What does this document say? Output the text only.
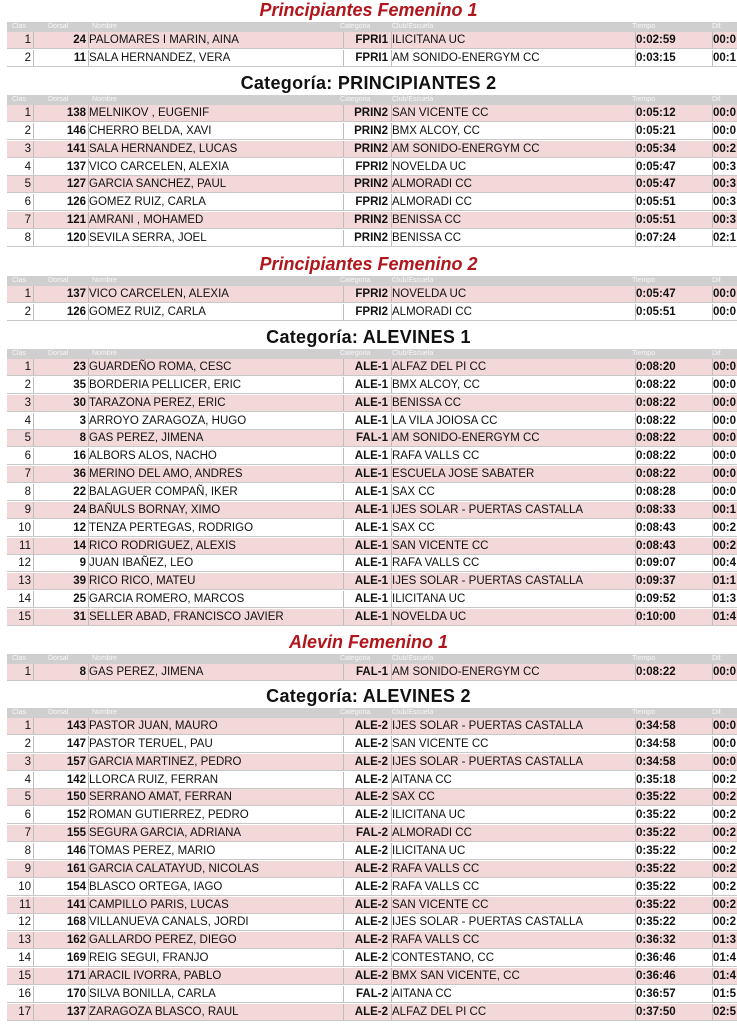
Principiantes Femenino 1
Clas	Dorsal	Nombre	Categoria	Club/Escuela	Tiempo	Dif.
1	24 PALOMARES I MARIN, AINA	FPRI1 ILICITANA UC	0:02:59	00:0
2	11 SALA HERNANDEZ, VERA	FPRI1 AM SONIDO-ENERGYM CC	0:03:15	00:1
Categoría: PRINCIPIANTES 2
Clas	Dorsal	Nombre	Categoria	Club/Escuela	Tiempo	Dif.
1	138 MELNIKOV , EUGENIF	PRIN2 SAN VICENTE CC	0:05:12	00:0
2	146 CHERRO BELDA, XAVI	PRIN2 BMX ALCOY, CC	0:05:21	00:0
3	141 SALA HERNANDEZ, LUCAS	PRIN2 AM SONIDO-ENERGYM CC	0:05:34	00:2
4	137 VICO CARCELEN, ALEXIA	FPRI2 NOVELDA UC	0:05:47	00:3
5	127 GARCIA SANCHEZ, PAUL	PRIN2 ALMORADI CC	0:05:47	00:3
6	126 GOMEZ RUIZ, CARLA	FPRI2 ALMORADI CC	0:05:51	00:3
7	121 AMRANI , MOHAMED	PRIN2 BENISSA CC	0:05:51	00:3
8	120 SEVILA SERRA, JOEL	PRIN2 BENISSA CC	0:07:24	02:1
Principiantes Femenino 2
Clas	Dorsal	Nombre	Categoria	Club/Escuela	Tiempo	Dif.
1	137 VICO CARCELEN, ALEXIA	FPRI2 NOVELDA UC	0:05:47	00:0
2	126 GOMEZ RUIZ, CARLA	FPRI2 ALMORADI CC	0:05:51	00:0
Categoría: ALEVINES 1
Clas	Dorsal	Nombre	Categoria	Club/Escuela	Tiempo	Dif.
1	23 GUARDEÑO ROMA, CESC	ALE-1 ALFAZ DEL PI CC	0:08:20	00:0
2	35 BORDERIA PELLICER, ERIC	ALE-1 BMX ALCOY, CC	0:08:22	00:0
3	30 TARAZONA PEREZ, ERIC	ALE-1 BENISSA CC	0:08:22	00:0
4	3 ARROYO ZARAGOZA, HUGO	ALE-1 LA VILA JOIOSA CC	0:08:22	00:0
5	8 GAS PEREZ, JIMENA	FAL-1 AM SONIDO-ENERGYM CC	0:08:22	00:0
6	16 ALBORS ALOS, NACHO	ALE-1 RAFA VALLS CC	0:08:22	00:0
7	36 MERINO DEL AMO, ANDRES	ALE-1 ESCUELA JOSE SABATER	0:08:22	00:0
8	22 BALAGUER COMPAÑ, IKER	ALE-1 SAX CC	0:08:28	00:0
9	24 BAÑULS BORNAY, XIMO	ALE-1 IJES SOLAR - PUERTAS CASTALLA	0:08:33	00:1
10	12 TENZA PERTEGAS, RODRIGO	ALE-1 SAX CC	0:08:43	00:2
11	14 RICO RODRIGUEZ, ALEXIS	ALE-1 SAN VICENTE CC	0:08:43	00:2
12	9 JUAN IBAÑEZ, LEO	ALE-1 RAFA VALLS CC	0:09:07	00:4
13	39 RICO RICO, MATEU	ALE-1 IJES SOLAR - PUERTAS CASTALLA	0:09:37	01:1
14	25 GARCIA ROMERO, MARCOS	ALE-1 ILICITANA UC	0:09:52	01:3
15	31 SELLER ABAD, FRANCISCO JAVIER	ALE-1 NOVELDA UC	0:10:00	01:4
Alevin Femenino 1
Clas	Dorsal	Nombre	Categoria	Club/Escuela	Tiempo	Dif.
1	8 GAS PEREZ, JIMENA	FAL-1 AM SONIDO-ENERGYM CC	0:08:22	00:0
Categoría: ALEVINES 2
Clas	Dorsal	Nombre	Categoria	Club/Escuela	Tiempo	Dif.
1	143 PASTOR JUAN, MAURO	ALE-2 IJES SOLAR - PUERTAS CASTALLA	0:34:58	00:0
2	147 PASTOR TERUEL, PAU	ALE-2 SAN VICENTE CC	0:34:58	00:0
3	157 GARCIA MARTINEZ, PEDRO	ALE-2 IJES SOLAR - PUERTAS CASTALLA	0:34:58	00:0
4	142 LLORCA RUIZ, FERRAN	ALE-2 AITANA CC	0:35:18	00:2
5	150 SERRANO AMAT, FERRAN	ALE-2 SAX CC	0:35:22	00:2
6	152 ROMAN GUTIERREZ, PEDRO	ALE-2 ILICITANA UC	0:35:22	00:2
7	155 SEGURA GARCIA, ADRIANA	FAL-2 ALMORADI CC	0:35:22	00:2
8	146 TOMAS PEREZ, MARIO	ALE-2 ILICITANA UC	0:35:22	00:2
9	161 GARCIA CALATAYUD, NICOLAS	ALE-2 RAFA VALLS CC	0:35:22	00:2
10	154 BLASCO ORTEGA, IAGO	ALE-2 RAFA VALLS CC	0:35:22	00:2
11	141 CAMPILLO PARIS, LUCAS	ALE-2 SAN VICENTE CC	0:35:22	00:2
12	168 VILLANUEVA CANALS, JORDI	ALE-2 IJES SOLAR - PUERTAS CASTALLA	0:35:22	00:2
13	162 GALLARDO PEREZ, DIEGO	ALE-2 RAFA VALLS CC	0:36:32	01:3
14	169 REIG SEGUI, FRANJO	ALE-2 CONTESTANO, CC	0:36:46	01:4
15	171 ARACIL IVORRA, PABLO	ALE-2 BMX SAN VICENTE, CC	0:36:46	01:4
16	170 SILVA BONILLA, CARLA	FAL-2 AITANA CC	0:36:57	01:5
17	137 ZARAGOZA BLASCO, RAUL	ALE-2 ALFAZ DEL PI CC	0:37:50	02:5
